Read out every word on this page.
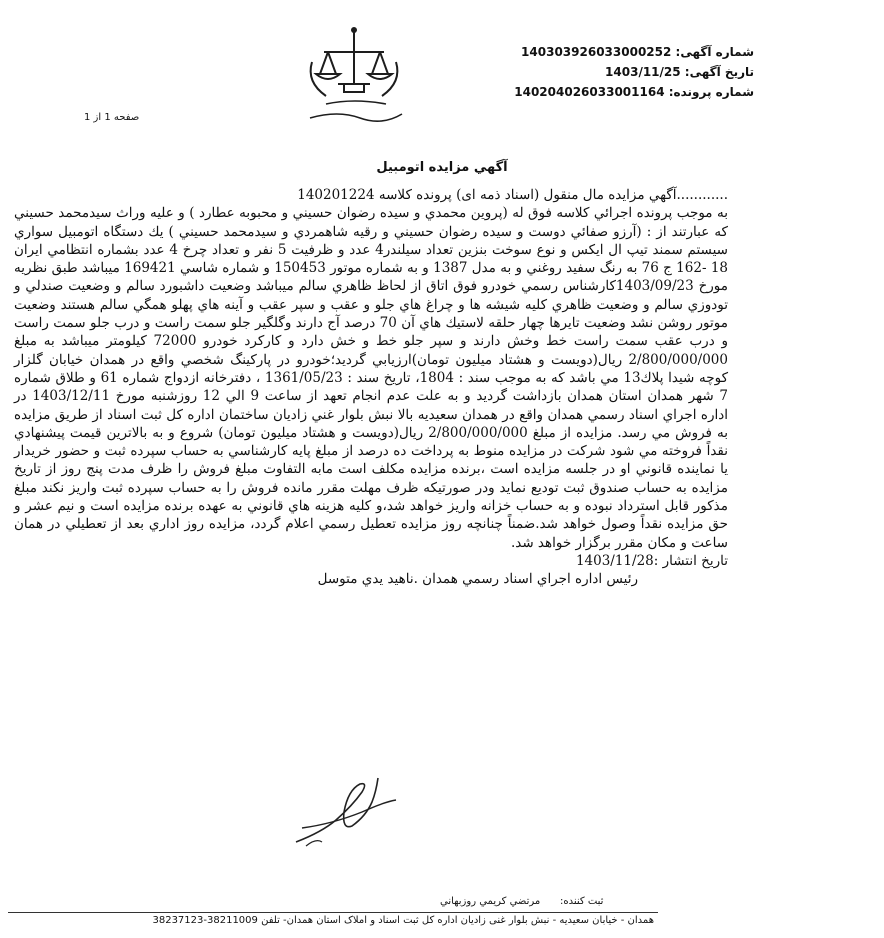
شماره آگهی: 140303926033000252
تاریخ آگهی: 1403/11/25
شماره پرونده: 140204026033001164
صفحه 1 از 1
آگهي مزايده اتومبيل

............آگهي مزايده مال منقول (اسناد ذمه اى) پرونده كلاسه 140201224

به موجب پرونده اجرائي كلاسه فوق له (پروين محمدي و سيده رضوان حسيني و محبوبه عطارد ) و عليه وراث سيدمحمد حسيني كه عبارتند از : (آرزو صفائي دوست و سيده رضوان حسيني و رقيه شاهمردي و سيدمحمد حسيني ) يك دستگاه اتومبيل سواري سيستم سمند تيپ ال ايكس و نوع سوخت بنزين تعداد سيلندر4 عدد و ظرفيت 5 نفر و تعداد چرخ 4 عدد بشماره انتظامي ايران 18 -162 ج 76 به رنگ سفيد روغني و به مدل 1387 و به شماره موتور 150453 و شماره شاسي 169421 ميباشد طبق نظريه مورخ 1403/09/23كارشناس رسمي خودرو فوق اتاق از لحاظ ظاهري سالم ميباشد وضعيت داشبورد سالم و وضعيت صندلي و تودوزي سالم و وضعيت ظاهري كليه شيشه ها و چراغ هاي جلو و عقب و سپر عقب و آينه هاي پهلو همگي سالم هستند وضعيت موتور روشن نشد وضعيت تايرها چهار حلقه لاستيك هاي آن 70 درصد آج دارند وگلگير جلو سمت راست و درب جلو سمت راست و درب عقب سمت راست خط وخش دارند و سپر جلو خط و خش دارد و كاركرد خودرو 72000 كيلومتر ميباشد به مبلغ 2/800/000/000 ريال(دويست و هشتاد ميليون تومان)ارزيابي گرديد؛خودرو در پاركينگ شخصي واقع در همدان خيابان گلزار كوچه شيدا پلاك13 مي باشد كه به موجب سند : 1804، تاريخ سند : 1361/05/23 ، دفترخانه ازدواج شماره 61 و طلاق شماره 7 شهر همدان استان همدان بازداشت گرديد و به علت عدم انجام تعهد از ساعت 9 الي 12 روزشنبه مورخ 1403/12/11 در اداره اجراي اسناد رسمي همدان واقع در همدان سعيديه بالا نبش بلوار غني زاديان ساختمان اداره كل ثبت اسناد از طريق مزايده به فروش مي رسد. مزايده از مبلغ 2/800/000/000 ريال(دويست و هشتاد ميليون تومان) شروع و به بالاترين قيمت پيشنهادي نقداً فروخته مي شود شركت در مزايده منوط به پرداخت ده درصد از مبلغ پايه كارشناسي به حساب سپرده ثبت و حضور خريدار يا نماينده قانوني او در جلسه مزايده است ،برنده مزايده مكلف است مابه التفاوت مبلغ فروش را ظرف مدت پنج روز از تاريخ مزايده به حساب صندوق ثبت توديع نمايد ودر صورتيكه ظرف مهلت مقرر مانده فروش را به حساب سپرده ثبت واريز نكند مبلغ مذكور قابل استرداد نبوده و به حساب خزانه واريز خواهد شد،و كليه هزينه هاي قانوني به عهده برنده مزايده است و نيم عشر و حق مزايده نقداً وصول خواهد شد.ضمناً چنانچه روز مزايده تعطيل رسمي اعلام گردد، مزايده روز اداري بعد از تعطيلي در همان ساعت و مكان مقرر برگزار خواهد شد.

تاريخ انتشار :1403/11/28

رئيس اداره اجراي اسناد رسمي همدان .ناهيد يدي متوسل

ثبت کننده:
مرتضي كريمي روزبهاني
همدان - خیابان سعیدیه - نبش بلوار غنی زادیان اداره کل ثبت اسناد و املاک استان همدان- تلفن 38211009-38237123
